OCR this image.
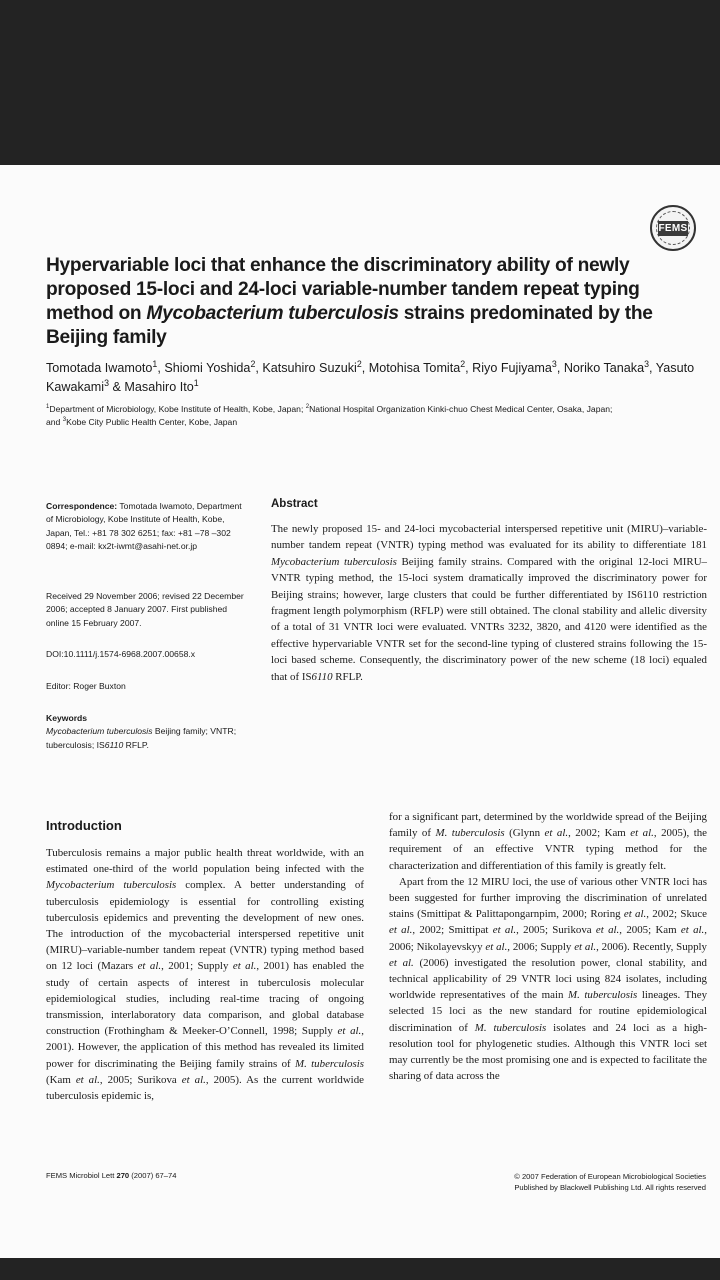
FEMS
Hypervariable loci that enhance the discriminatory ability of newly proposed 15-loci and 24-loci variable-number tandem repeat typing method on Mycobacterium tuberculosis strains predominated by the Beijing family
Tomotada Iwamoto$^1$, Shiomi Yoshida$^2$, Katsuhiro Suzuki$^2$, Motohisa Tomita$^2$, Riyo Fujiyama$^3$, Noriko Tanaka$^3$, Yasuto Kawakami$^3$ & Masahiro Ito$^1$
$^1$Department of Microbiology, Kobe Institute of Health, Kobe, Japan; $^2$National Hospital Organization Kinki-chuo Chest Medical Center, Osaka, Japan;
and $^3$Kobe City Public Health Center, Kobe, Japan

Correspondence: Tomotada Iwamoto, Department of Microbiology, Kobe Institute of Health, Kobe, Japan, Tel.: +81 78 302 6251; fax: +81 –78 –302 0894; e-mail: kx2t-iwmt@asahi-net.or.jp

Received 29 November 2006; revised 22 December 2006; accepted 8 January 2007. First published online 15 February 2007.

DOI:10.1111/j.1574-6968.2007.00658.x

Editor: Roger Buxton

Keywords

Mycobacterium tuberculosis Beijing family; VNTR; tuberculosis; IS6110 RFLP.

Abstract

The newly proposed 15- and 24-loci mycobacterial interspersed repetitive unit (MIRU)–variable-number tandem repeat (VNTR) typing method was evaluated for its ability to differentiate 181 Mycobacterium tuberculosis Beijing family strains. Compared with the original 12-loci MIRU–VNTR typing method, the 15-loci system dramatically improved the discriminatory power for Beijing strains; however, large clusters that could be further differentiated by IS6110 restriction fragment length polymorphism (RFLP) were still obtained. The clonal stability and allelic diversity of a total of 31 VNTR loci were evaluated. VNTRs 3232, 3820, and 4120 were identified as the effective hypervariable VNTR set for the second-line typing of clustered strains following the 15-loci based scheme. Consequently, the discriminatory power of the new scheme (18 loci) equaled that of IS6110 RFLP.

Introduction

Tuberculosis remains a major public health threat worldwide, with an estimated one-third of the world population being infected with the Mycobacterium tuberculosis complex. A better understanding of tuberculosis epidemiology is essential for controlling existing tuberculosis epidemics and preventing the development of new ones. The introduction of the mycobacterial interspersed repetitive unit (MIRU)–variable-number tandem repeat (VNTR) typing method based on 12 loci (Mazars et al., 2001; Supply et al., 2001) has enabled the study of certain aspects of interest in tuberculosis molecular epidemiological studies, including real-time tracing of ongoing transmission, interlaboratory data comparison, and global database construction (Frothingham & Meeker-O’Connell, 1998; Supply et al., 2001). However, the application of this method has revealed its limited power for discriminating the Beijing family strains of M. tuberculosis (Kam et al., 2005; Surikova et al., 2005). As the current worldwide tuberculosis epidemic is,

for a significant part, determined by the worldwide spread of the Beijing family of M. tuberculosis (Glynn et al., 2002; Kam et al., 2005), the requirement of an effective VNTR typing method for the characterization and differentiation of this family is greatly felt.
Apart from the 12 MIRU loci, the use of various other VNTR loci has been suggested for further improving the discrimination of unrelated stains (Smittipat & Palittapongarnpim, 2000; Roring et al., 2002; Skuce et al., 2002; Smittipat et al., 2005; Surikova et al., 2005; Kam et al., 2006; Nikolayevskyy et al., 2006; Supply et al., 2006). Recently, Supply et al. (2006) investigated the resolution power, clonal stability, and technical applicability of 29 VNTR loci using 824 isolates, including worldwide representatives of the main M. tuberculosis lineages. They selected 15 loci as the new standard for routine epidemiological discrimination of M. tuberculosis isolates and 24 loci as a high-resolution tool for phylogenetic studies. Although this VNTR loci set may currently be the most promising one and is expected to facilitate the sharing of data across the

FEMS Microbiol Lett 270 (2007) 67–74	© 2007 Federation of European Microbiological Societies
Published by Blackwell Publishing Ltd. All rights reserved
